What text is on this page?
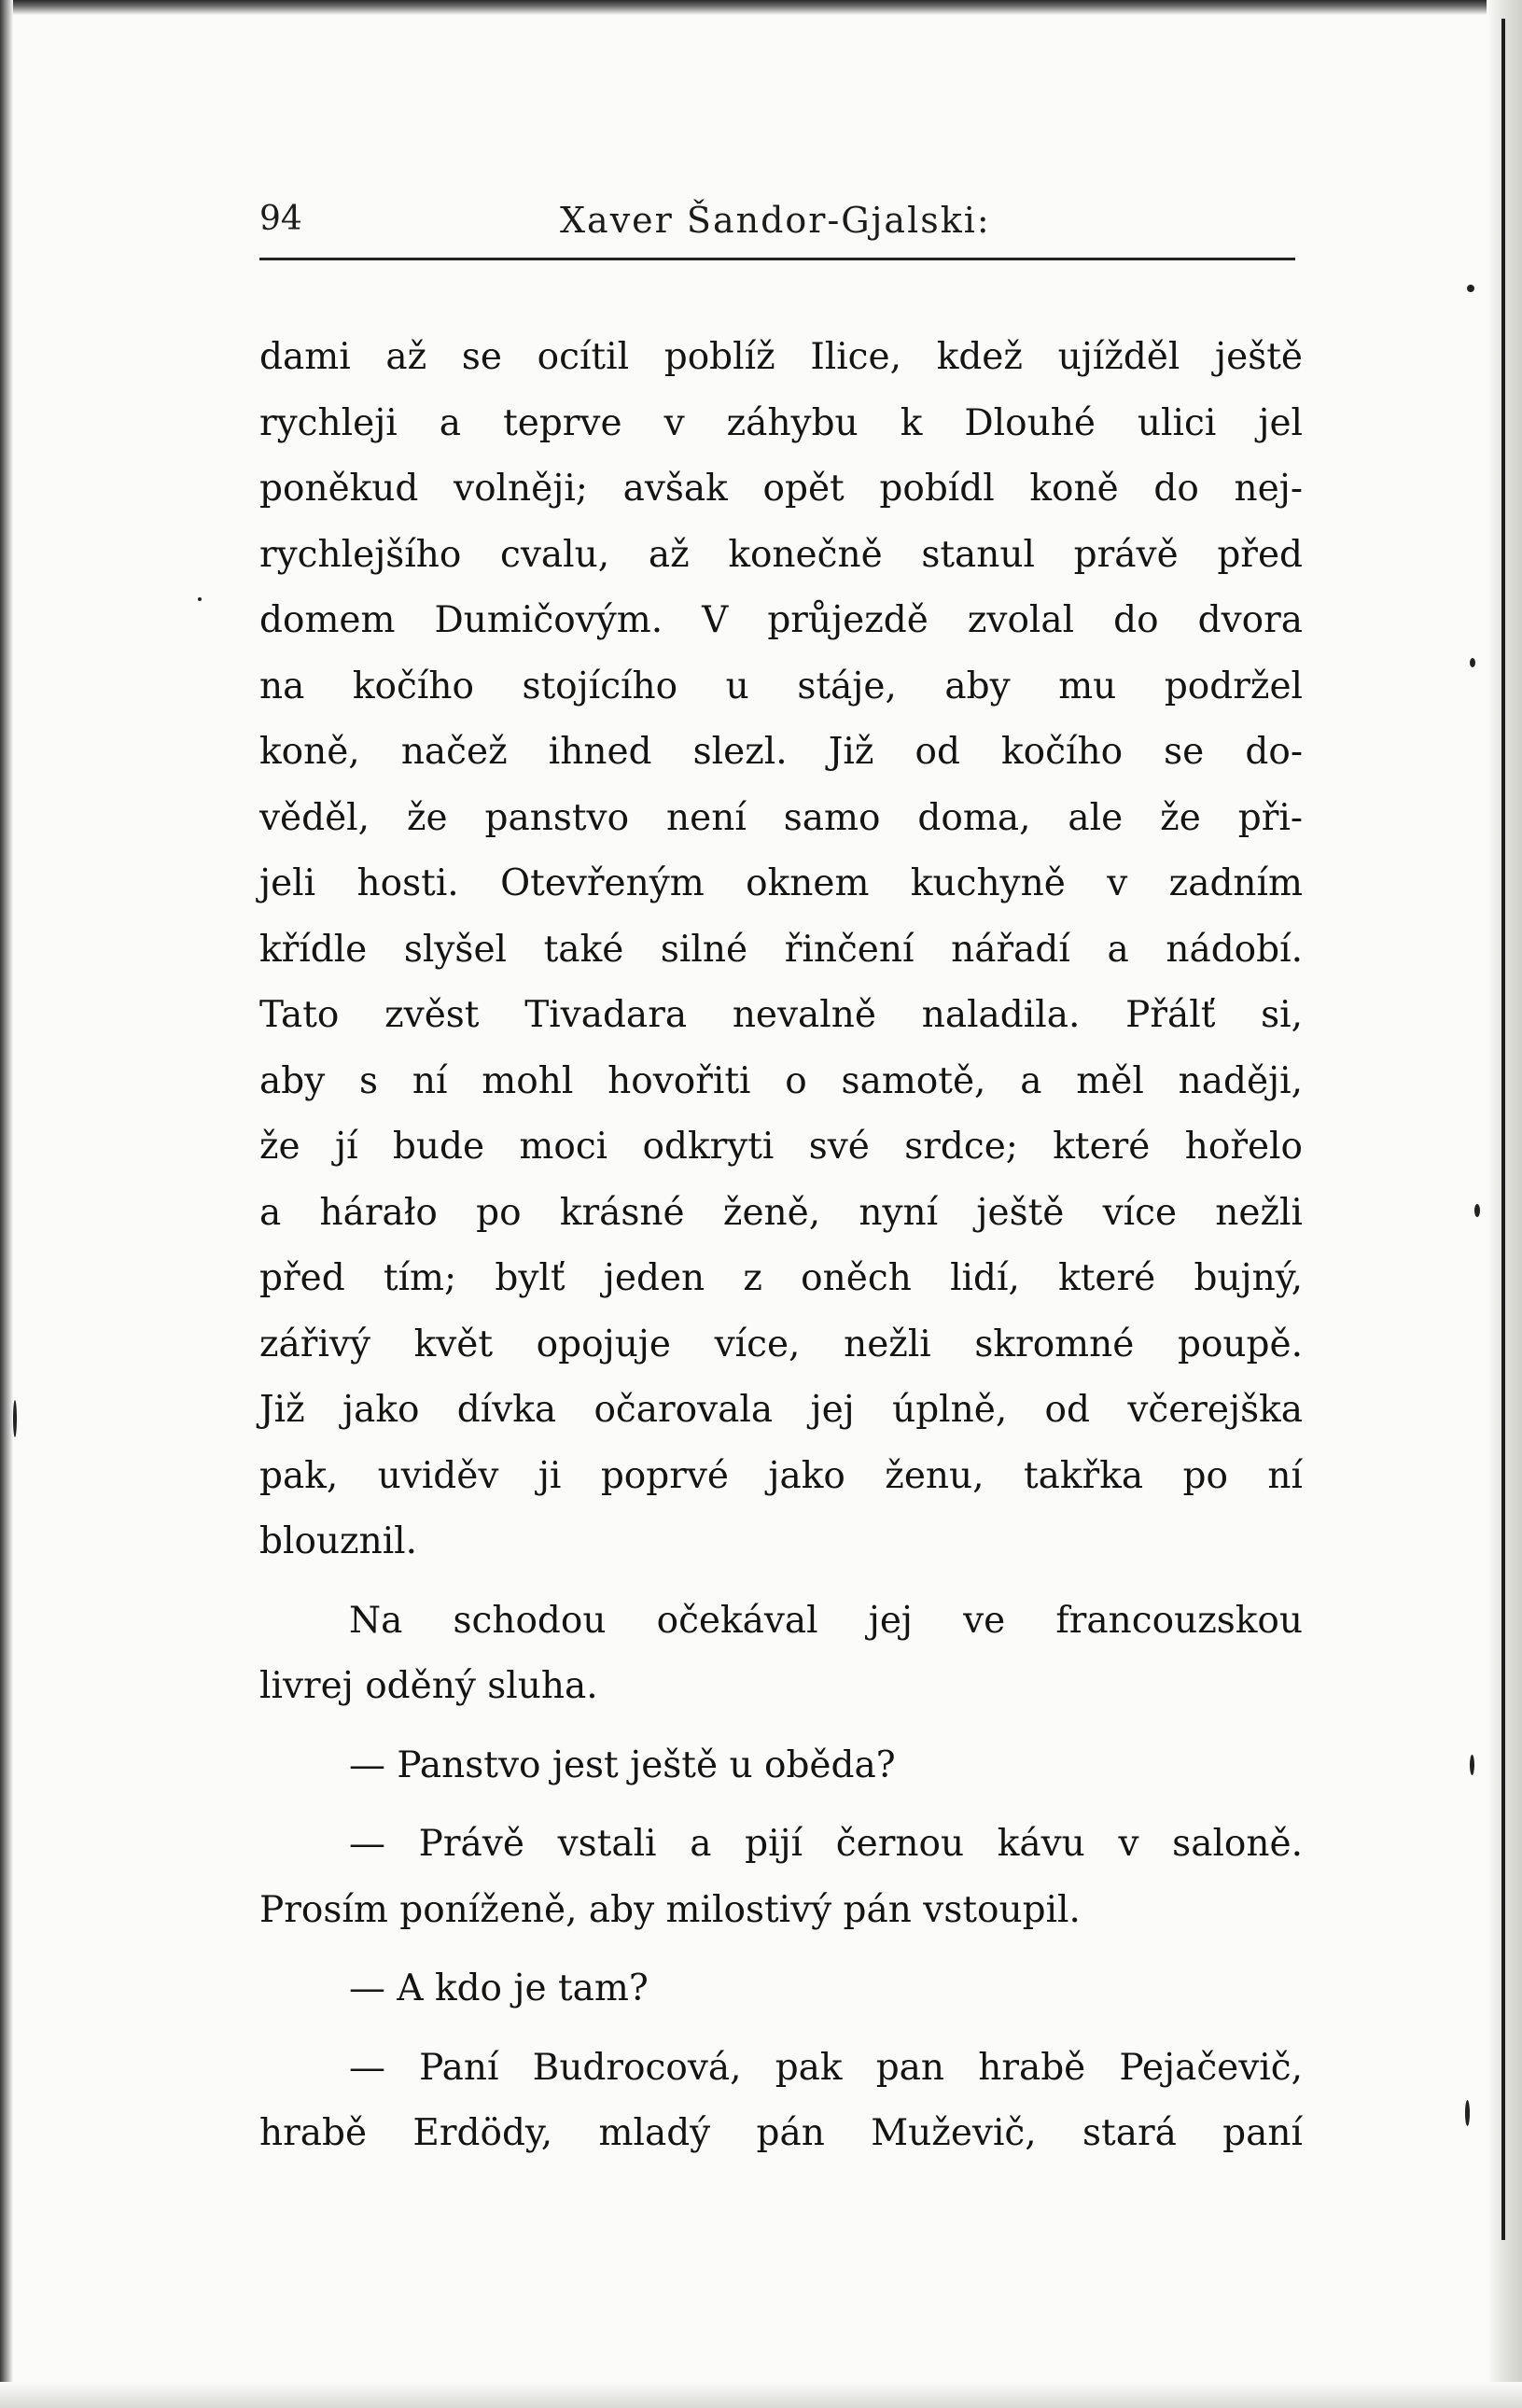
94	Xaver Šandor-Gjalski:
dami až se ocítil poblíž Ilice, kdež ujížděl ještě
rychleji a teprve v záhybu k Dlouhé ulici jel
poněkud volněji; avšak opět pobídl koně do nej-
rychlejšího cvalu, až konečně stanul právě před
domem Dumičovým. V průjezdě zvolal do dvora
na kočího stojícího u stáje, aby mu podržel
koně, načež ihned slezl. Již od kočího se do-
věděl, že panstvo není samo doma, ale že při-
jeli hosti. Otevřeným oknem kuchyně v zadním
křídle slyšel také silné řinčení nářadí a nádobí.
Tato zvěst Tivadara nevalně naladila. Přálť si,
aby s ní mohl hovořiti o samotě, a měl naději,
že jí bude moci odkryti své srdce; které hořelo
a hárało po krásné ženě, nyní ještě více nežli
před tím; bylť jeden z oněch lidí, které bujný,
zářivý květ opojuje více, nežli skromné poupě.
Již jako dívka očarovala jej úplně, od včerejška
pak, uviděv ji poprvé jako ženu, takřka po ní
blouznil.
Na schodou očekával jej ve francouzskou
livrej oděný sluha.
— Panstvo jest ještě u oběda?
— Právě vstali a pijí černou kávu v saloně.
Prosím poníženě, aby milostivý pán vstoupil.
— A kdo je tam?
— Paní Budrocová, pak pan hrabě Pejačevič,
hrabě Erdödy, mladý pán Muževič, stará paní
